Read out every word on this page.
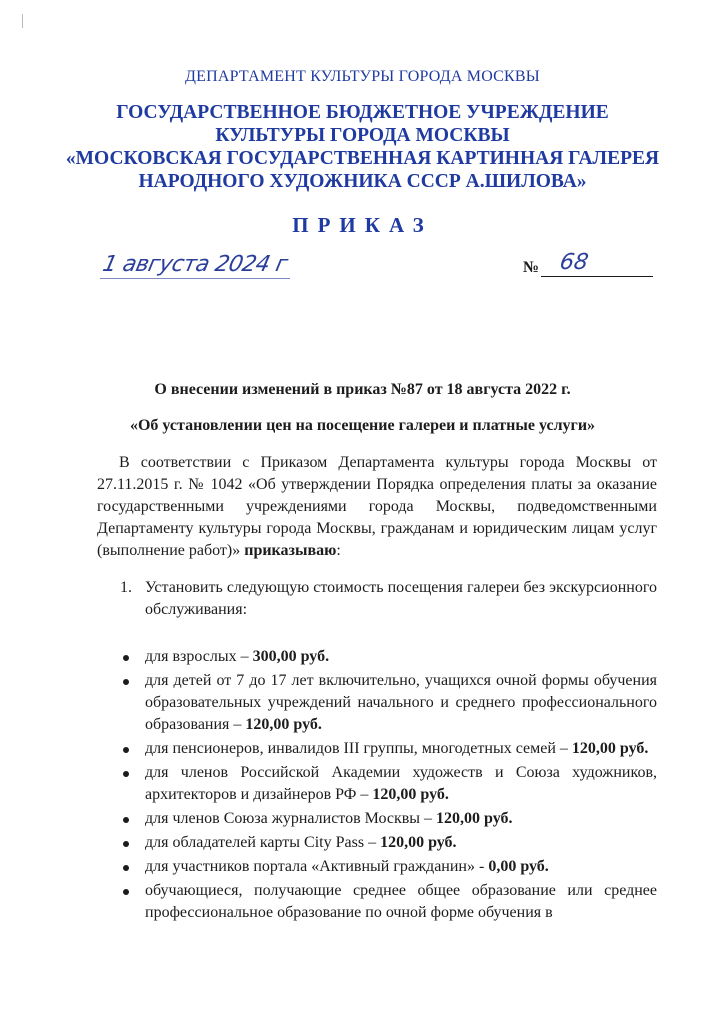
ДЕПАРТАМЕНТ КУЛЬТУРЫ ГОРОДА МОСКВЫ
ГОСУДАРСТВЕННОЕ БЮДЖЕТНОЕ УЧРЕЖДЕНИЕ
КУЛЬТУРЫ ГОРОДА МОСКВЫ
«МОСКОВСКАЯ ГОСУДАРСТВЕННАЯ КАРТИННАЯ ГАЛЕРЕЯ
НАРОДНОГО ХУДОЖНИКА СССР А.ШИЛОВА»
ПРИКАЗ
1 августа 2024 г	№ 68
О внесении изменений в приказ №87 от 18 августа 2022 г.
«Об установлении цен на посещение галереи и платные услуги»
В соответствии с Приказом Департамента культуры города Москвы от 27.11.2015 г. № 1042 «Об утверждении Порядка определения платы за оказание государственными учреждениями города Москвы, подведомственными Департаменту культуры города Москвы, гражданам и юридическим лицам услуг (выполнение работ)» приказываю:
1. Установить следующую стоимость посещения галереи без экскурсионного обслуживания:
для взрослых – 300,00 руб.
для детей от 7 до 17 лет включительно, учащихся очной формы обучения образовательных учреждений начального и среднего профессионального образования – 120,00 руб.
для пенсионеров, инвалидов III группы, многодетных семей – 120,00 руб.
для членов Российской Академии художеств и Союза художников, архитекторов и дизайнеров РФ – 120,00 руб.
для членов Союза журналистов Москвы – 120,00 руб.
для обладателей карты City Pass – 120,00 руб.
для участников портала «Активный гражданин» - 0,00 руб.
обучающиеся, получающие среднее общее образование или среднее профессиональное образование по очной форме обучения в
